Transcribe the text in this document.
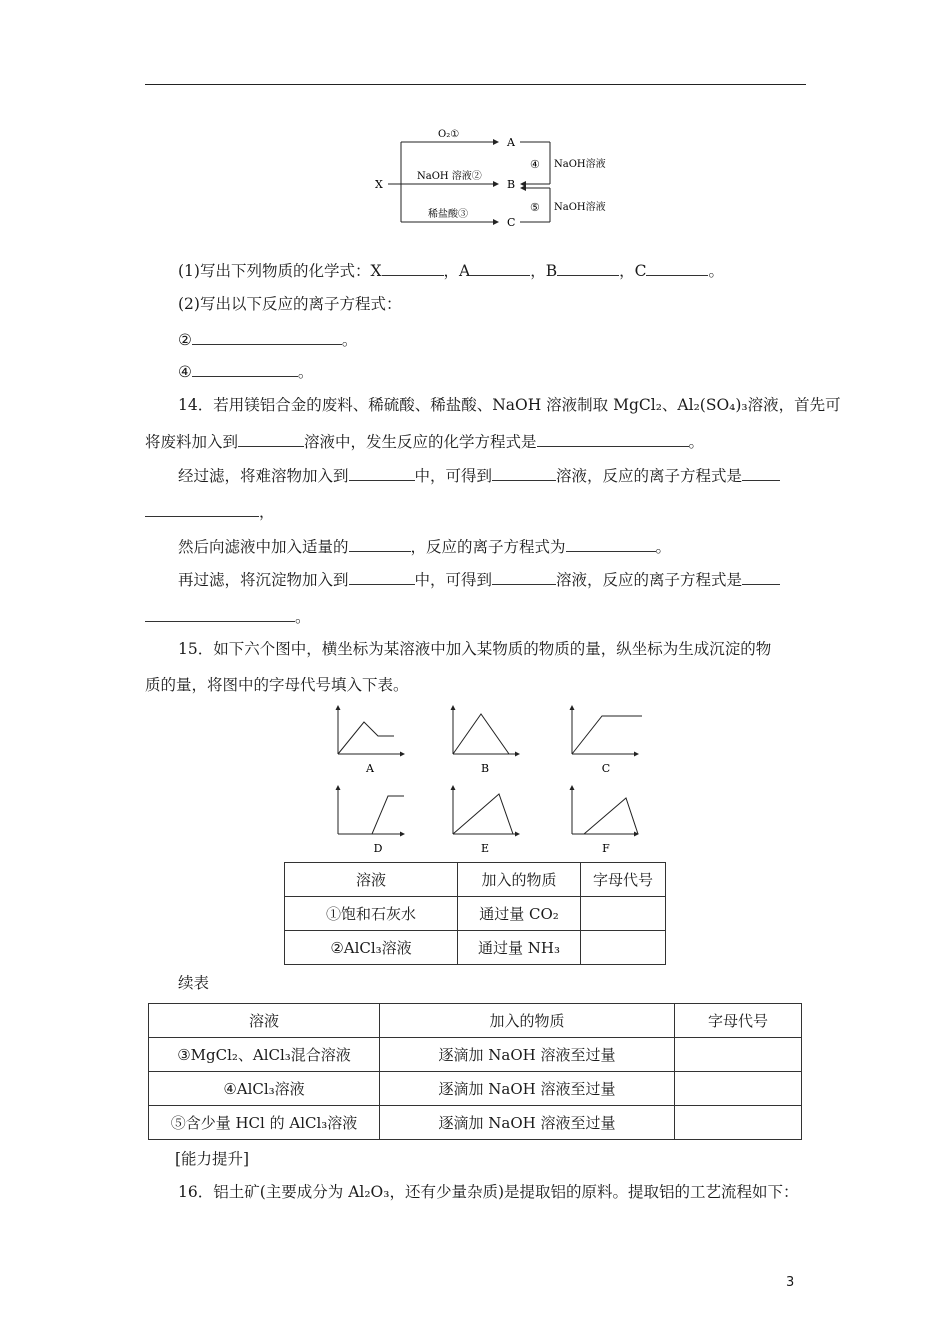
X
O₂①
NaOH 溶液②
稀盐酸③
A
B
C
④ NaOH溶液
⑤ NaOH溶液
(1)写出下列物质的化学式：X	，A	，B	，C	。
(2)写出以下反应的离子方程式：
②	。
④	。
14．若用镁铝合金的废料、稀硫酸、稀盐酸、NaOH 溶液制取 MgCl₂、Al₂(SO₄)₃溶液，首先可
将废料加入到	溶液中，发生反应的化学方程式是	。
经过滤，将难溶物加入到	中，可得到	溶液，反应的离子方程式是
，
然后向滤液中加入适量的	，反应的离子方程式为	。
再过滤，将沉淀物加入到	中，可得到	溶液，反应的离子方程式是
。
15．如下六个图中，横坐标为某溶液中加入某物质的物质的量，纵坐标为生成沉淀的物
质的量，将图中的字母代号填入下表。
A	B	C
D	E	F
溶液	加入的物质	字母代号
①饱和石灰水	通过量 CO₂	
②AlCl₃溶液	通过量 NH₃	
续表
溶液	加入的物质	字母代号
③MgCl₂、AlCl₃混合溶液	逐滴加 NaOH 溶液至过量	
④AlCl₃溶液	逐滴加 NaOH 溶液至过量	
⑤含少量 HCl 的 AlCl₃溶液	逐滴加 NaOH 溶液至过量	
[能力提升]
16．铝土矿(主要成分为 Al₂O₃，还有少量杂质)是提取铝的原料。提取铝的工艺流程如下：
3
